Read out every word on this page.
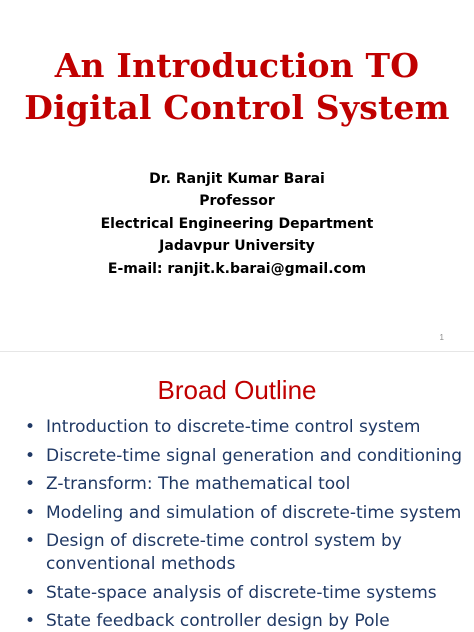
An Introduction TO
Digital Control System
Dr. Ranjit Kumar Barai
Professor
Electrical Engineering Department
Jadavpur University
E-mail: ranjit.k.barai@gmail.com
1
Broad Outline
• Introduction to discrete-time control system
• Discrete-time signal generation and conditioning
• Z-transform: The mathematical tool
• Modeling and simulation of discrete-time system
• Design of discrete-time control system by conventional methods
• State-space analysis of discrete-time systems
• State feedback controller design by Pole
